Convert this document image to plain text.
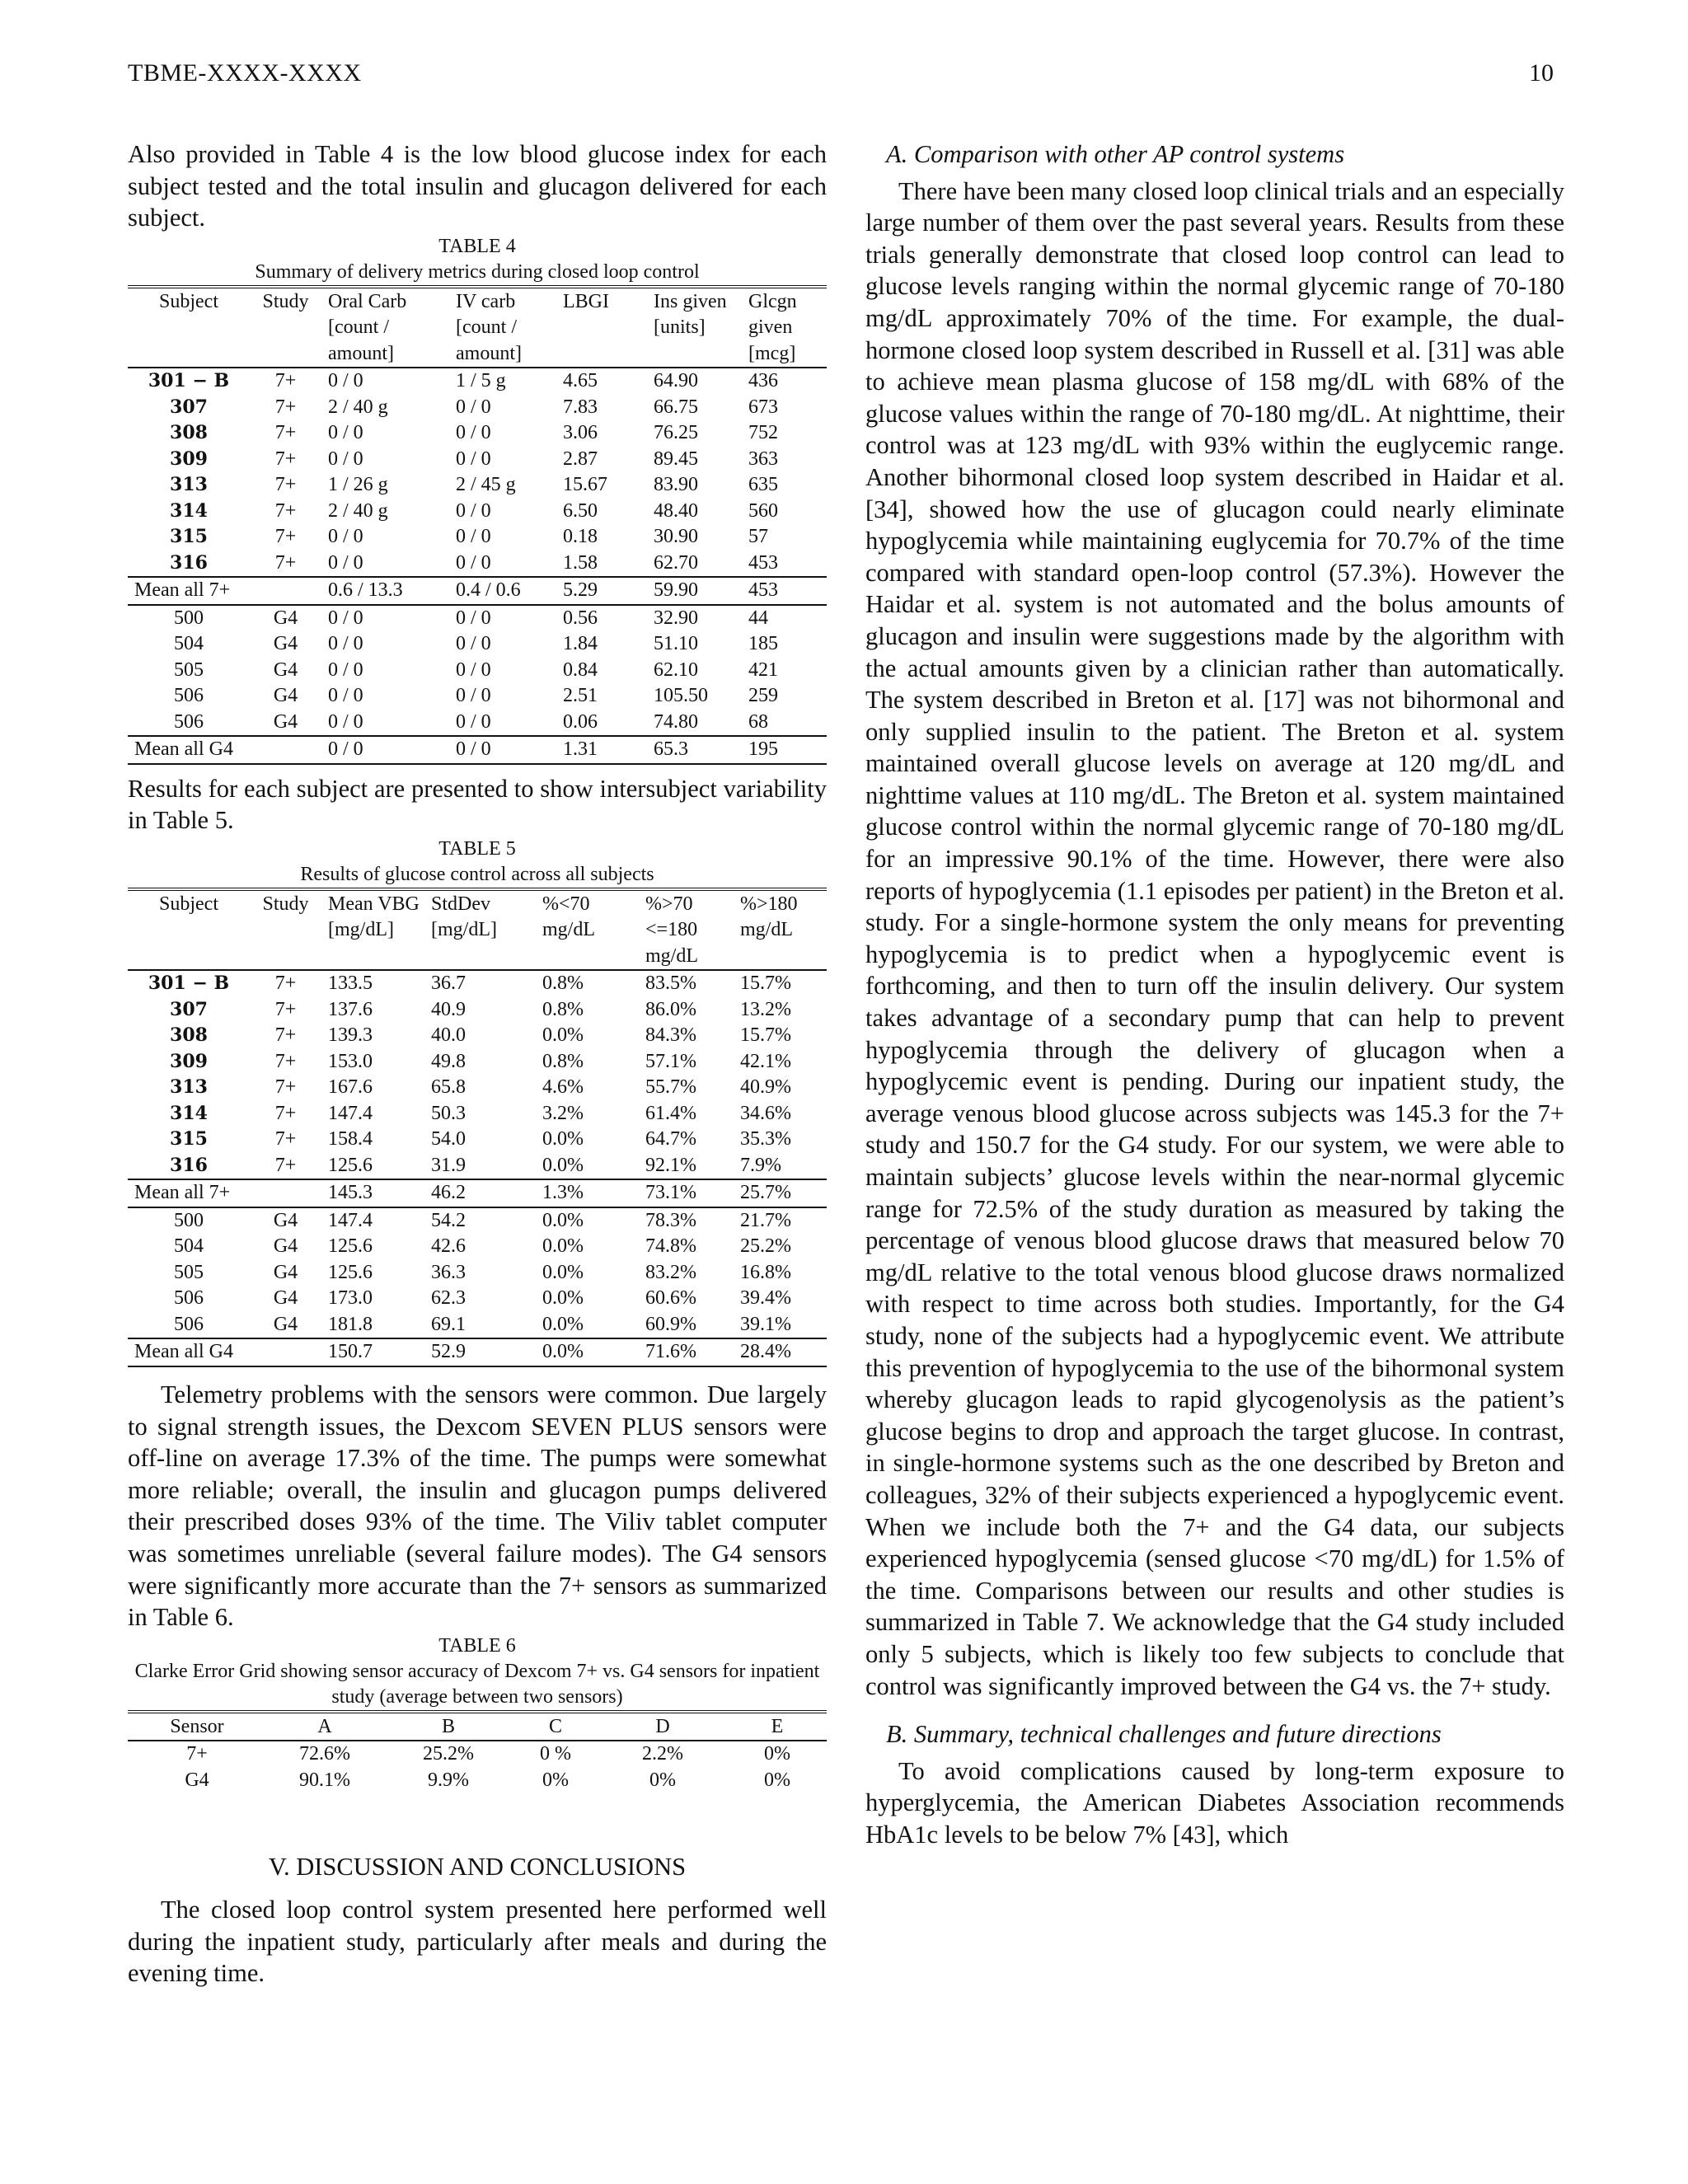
TBME-XXXX-XXXX	10

Also provided in Table 4 is the low blood glucose index for each subject tested and the total insulin and glucagon delivered for each subject.

TABLE 4
Summary of delivery metrics during closed loop control

Subject	Study	Oral Carb [count / amount]	IV carb [count / amount]	LBGI	Ins given [units]	Glcgn given [mcg]
301 − B	7+	0 / 0	1 / 5 g	4.65	64.90	436
307	7+	2 / 40 g	0 / 0	7.83	66.75	673
308	7+	0 / 0	0 / 0	3.06	76.25	752
309	7+	0 / 0	0 / 0	2.87	89.45	363
313	7+	1 / 26 g	2 / 45 g	15.67	83.90	635
314	7+	2 / 40 g	0 / 0	6.50	48.40	560
315	7+	0 / 0	0 / 0	0.18	30.90	57
316	7+	0 / 0	0 / 0	1.58	62.70	453
Mean all 7+		0.6 / 13.3	0.4 / 0.6	5.29	59.90	453
500	G4	0 / 0	0 / 0	0.56	32.90	44
504	G4	0 / 0	0 / 0	1.84	51.10	185
505	G4	0 / 0	0 / 0	0.84	62.10	421
506	G4	0 / 0	0 / 0	2.51	105.50	259
506	G4	0 / 0	0 / 0	0.06	74.80	68
Mean all G4		0 / 0	0 / 0	1.31	65.3	195

Results for each subject are presented to show intersubject variability in Table 5.

TABLE 5
Results of glucose control across all subjects

Subject	Study	Mean VBG [mg/dL]	StdDev [mg/dL]	%<70 mg/dL	%>70 <=180 mg/dL	%>180 mg/dL
301 − B	7+	133.5	36.7	0.8%	83.5%	15.7%
307	7+	137.6	40.9	0.8%	86.0%	13.2%
308	7+	139.3	40.0	0.0%	84.3%	15.7%
309	7+	153.0	49.8	0.8%	57.1%	42.1%
313	7+	167.6	65.8	4.6%	55.7%	40.9%
314	7+	147.4	50.3	3.2%	61.4%	34.6%
315	7+	158.4	54.0	0.0%	64.7%	35.3%
316	7+	125.6	31.9	0.0%	92.1%	7.9%
Mean all 7+		145.3	46.2	1.3%	73.1%	25.7%
500	G4	147.4	54.2	0.0%	78.3%	21.7%
504	G4	125.6	42.6	0.0%	74.8%	25.2%
505	G4	125.6	36.3	0.0%	83.2%	16.8%
506	G4	173.0	62.3	0.0%	60.6%	39.4%
506	G4	181.8	69.1	0.0%	60.9%	39.1%
Mean all G4		150.7	52.9	0.0%	71.6%	28.4%

Telemetry problems with the sensors were common. Due largely to signal strength issues, the Dexcom SEVEN PLUS sensors were off-line on average 17.3% of the time. The pumps were somewhat more reliable; overall, the insulin and glucagon pumps delivered their prescribed doses 93% of the time. The Viliv tablet computer was sometimes unreliable (several failure modes). The G4 sensors were significantly more accurate than the 7+ sensors as summarized in Table 6.

TABLE 6
Clarke Error Grid showing sensor accuracy of Dexcom 7+ vs. G4 sensors for inpatient study (average between two sensors)

Sensor	A	B	C	D	E
7+	72.6%	25.2%	0 %	2.2%	0%
G4	90.1%	9.9%	0%	0%	0%
V. DISCUSSION AND CONCLUSIONS

The closed loop control system presented here performed well during the inpatient study, particularly after meals and during the evening time.

A. Comparison with other AP control systems

There have been many closed loop clinical trials and an especially large number of them over the past several years. Results from these trials generally demonstrate that closed loop control can lead to glucose levels ranging within the normal glycemic range of 70-180 mg/dL approximately 70% of the time. For example, the dual-hormone closed loop system described in Russell et al. [31] was able to achieve mean plasma glucose of 158 mg/dL with 68% of the glucose values within the range of 70-180 mg/dL. At nighttime, their control was at 123 mg/dL with 93% within the euglycemic range. Another bihormonal closed loop system described in Haidar et al. [34], showed how the use of glucagon could nearly eliminate hypoglycemia while maintaining euglycemia for 70.7% of the time compared with standard open-loop control (57.3%). However the Haidar et al. system is not automated and the bolus amounts of glucagon and insulin were suggestions made by the algorithm with the actual amounts given by a clinician rather than automatically. The system described in Breton et al. [17] was not bihormonal and only supplied insulin to the patient. The Breton et al. system maintained overall glucose levels on average at 120 mg/dL and nighttime values at 110 mg/dL. The Breton et al. system maintained glucose control within the normal glycemic range of 70-180 mg/dL for an impressive 90.1% of the time. However, there were also reports of hypoglycemia (1.1 episodes per patient) in the Breton et al. study. For a single-hormone system the only means for preventing hypoglycemia is to predict when a hypoglycemic event is forthcoming, and then to turn off the insulin delivery. Our system takes advantage of a secondary pump that can help to prevent hypoglycemia through the delivery of glucagon when a hypoglycemic event is pending. During our inpatient study, the average venous blood glucose across subjects was 145.3 for the 7+ study and 150.7 for the G4 study. For our system, we were able to maintain subjects’ glucose levels within the near-normal glycemic range for 72.5% of the study duration as measured by taking the percentage of venous blood glucose draws that measured below 70 mg/dL relative to the total venous blood glucose draws normalized with respect to time across both studies. Importantly, for the G4 study, none of the subjects had a hypoglycemic event. We attribute this prevention of hypoglycemia to the use of the bihormonal system whereby glucagon leads to rapid glycogenolysis as the patient’s glucose begins to drop and approach the target glucose. In contrast, in single-hormone systems such as the one described by Breton and colleagues, 32% of their subjects experienced a hypoglycemic event. When we include both the 7+ and the G4 data, our subjects experienced hypoglycemia (sensed glucose <70 mg/dL) for 1.5% of the time. Comparisons between our results and other studies is summarized in Table 7. We acknowledge that the G4 study included only 5 subjects, which is likely too few subjects to conclude that control was significantly improved between the G4 vs. the 7+ study.

B. Summary, technical challenges and future directions

To avoid complications caused by long-term exposure to hyperglycemia, the American Diabetes Association recommends HbA1c levels to be below 7% [43], which
